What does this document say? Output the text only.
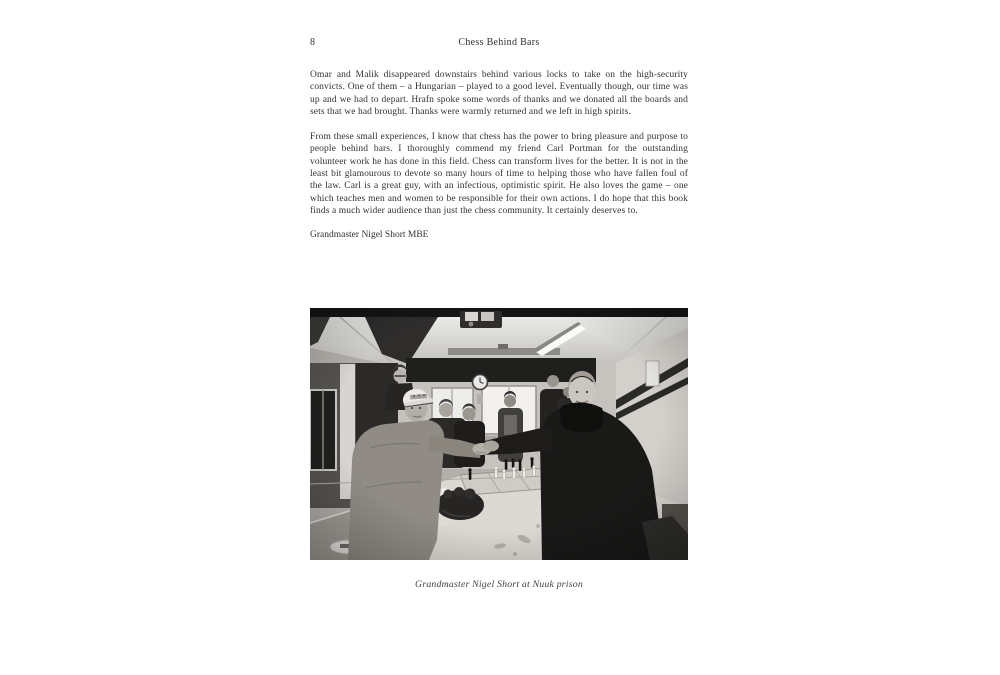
8	Chess Behind Bars

Omar and Malik disappeared downstairs behind various locks to take on the high-security convicts. One of them – a Hungarian – played to a good level. Eventually though, our time was up and we had to depart. Hrafn spoke some words of thanks and we donated all the boards and sets that we had brought. Thanks were warmly returned and we left in high spirits.

From these small experiences, I know that chess has the power to bring pleasure and purpose to people behind bars. I thoroughly commend my friend Carl Portman for the outstanding volunteer work he has done in this field. Chess can transform lives for the better. It is not in the least bit glamourous to devote so many hours of time to helping those who have fallen foul of the law. Carl is a great guy, with an infectious, optimistic spirit. He also loves the game – one which teaches men and women to be responsible for their own actions. I do hope that this book finds a much wider audience than just the chess community. It certainly deserves to.

Grandmaster Nigel Short MBE

Grandmaster Nigel Short at Nuuk prison
